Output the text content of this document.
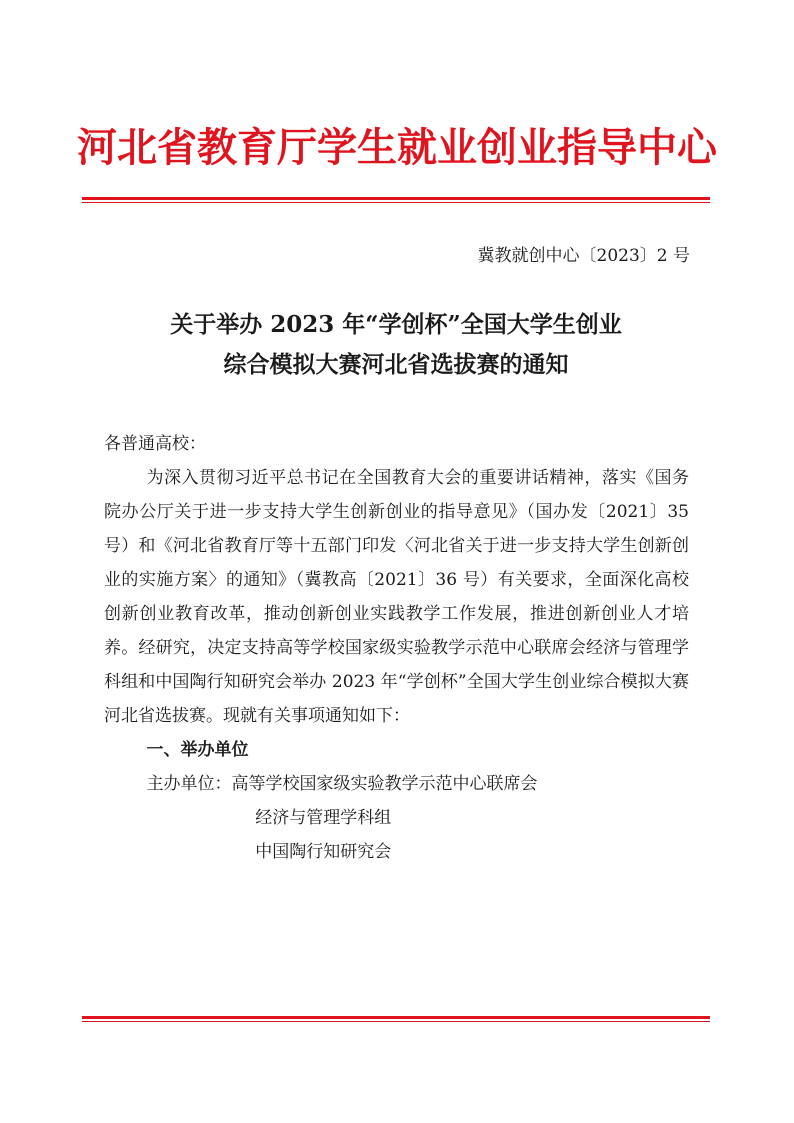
河北省教育厅学生就业创业指导中心
冀教就创中心〔2023〕2 号
关于举办 2023 年“学创杯”全国大学生创业
综合模拟大赛河北省选拔赛的通知

各普通高校：

为深入贯彻习近平总书记在全国教育大会的重要讲话精神，落实《国务院办公厅关于进一步支持大学生创新创业的指导意见》（国办发〔2021〕35 号）和《河北省教育厅等十五部门印发〈河北省关于进一步支持大学生创新创业的实施方案〉的通知》（冀教高〔2021〕36 号）有关要求，全面深化高校创新创业教育改革，推动创新创业实践教学工作发展，推进创新创业人才培养。经研究，决定支持高等学校国家级实验教学示范中心联席会经济与管理学科组和中国陶行知研究会举办 2023 年“学创杯”全国大学生创业综合模拟大赛河北省选拔赛。现就有关事项通知如下：

一、举办单位

主办单位：高等学校国家级实验教学示范中心联席会

经济与管理学科组

中国陶行知研究会
